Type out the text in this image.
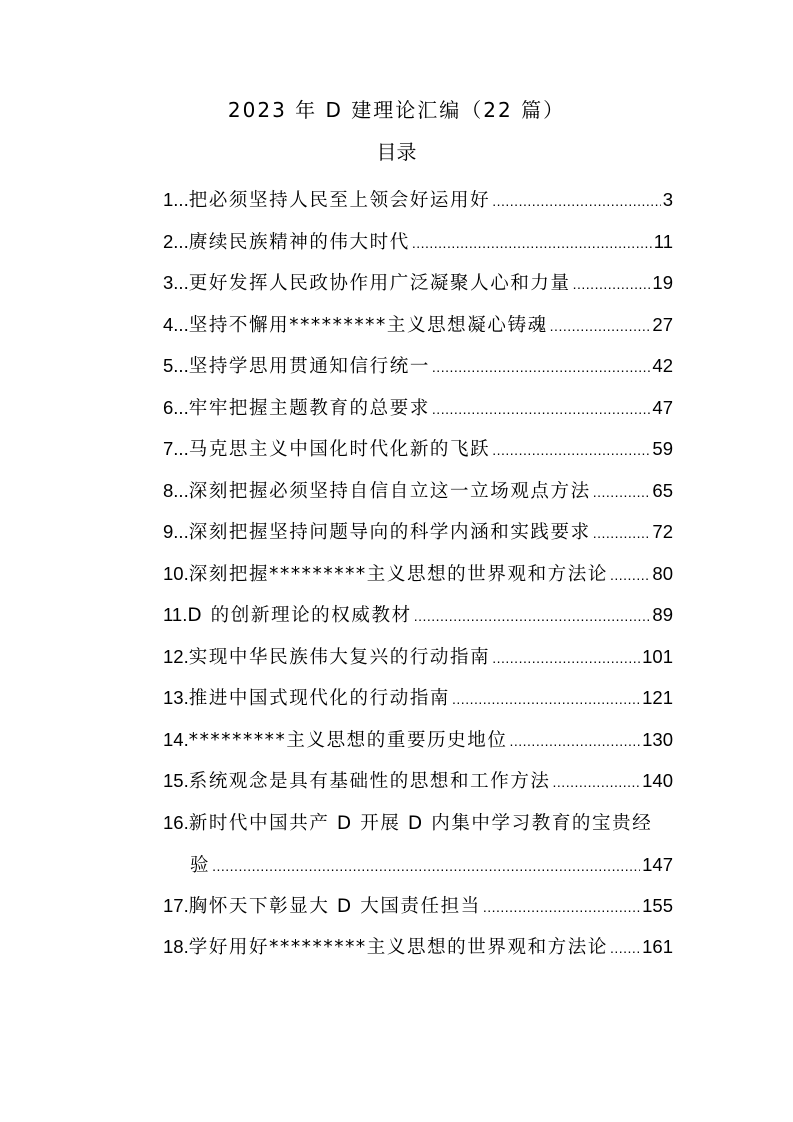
2023 年 D 建理论汇编（22 篇）
目录
1... 把必须坚持人民至上领会好运用好 .....	3
2... 赓续民族精神的伟大时代 .....	11
3... 更好发挥人民政协作用广泛凝聚人心和力量 .....	19
4... 坚持不懈用*********主义思想凝心铸魂 .....	27
5... 坚持学思用贯通知信行统一 .....	42
6... 牢牢把握主题教育的总要求 .....	47
7... 马克思主义中国化时代化新的飞跃 .....	59
8... 深刻把握必须坚持自信自立这一立场观点方法 .....	65
9... 深刻把握坚持问题导向的科学内涵和实践要求 .....	72
10. 深刻把握*********主义思想的世界观和方法论 ..... 80
11. D 的创新理论的权威教材 .....	89
12. 实现中华民族伟大复兴的行动指南 .....	101
13. 推进中国式现代化的行动指南 .....	121
14. *********主义思想的重要历史地位 .....	130
15. 系统观念是具有基础性的思想和工作方法 .....	140
16. 新时代中国共产 D 开展 D 内集中学习教育的宝贵经
验 .....	147
17. 胸怀天下彰显大 D 大国责任担当 .....	155
18. 学好用好*********主义思想的世界观和方法论 ..... 161
